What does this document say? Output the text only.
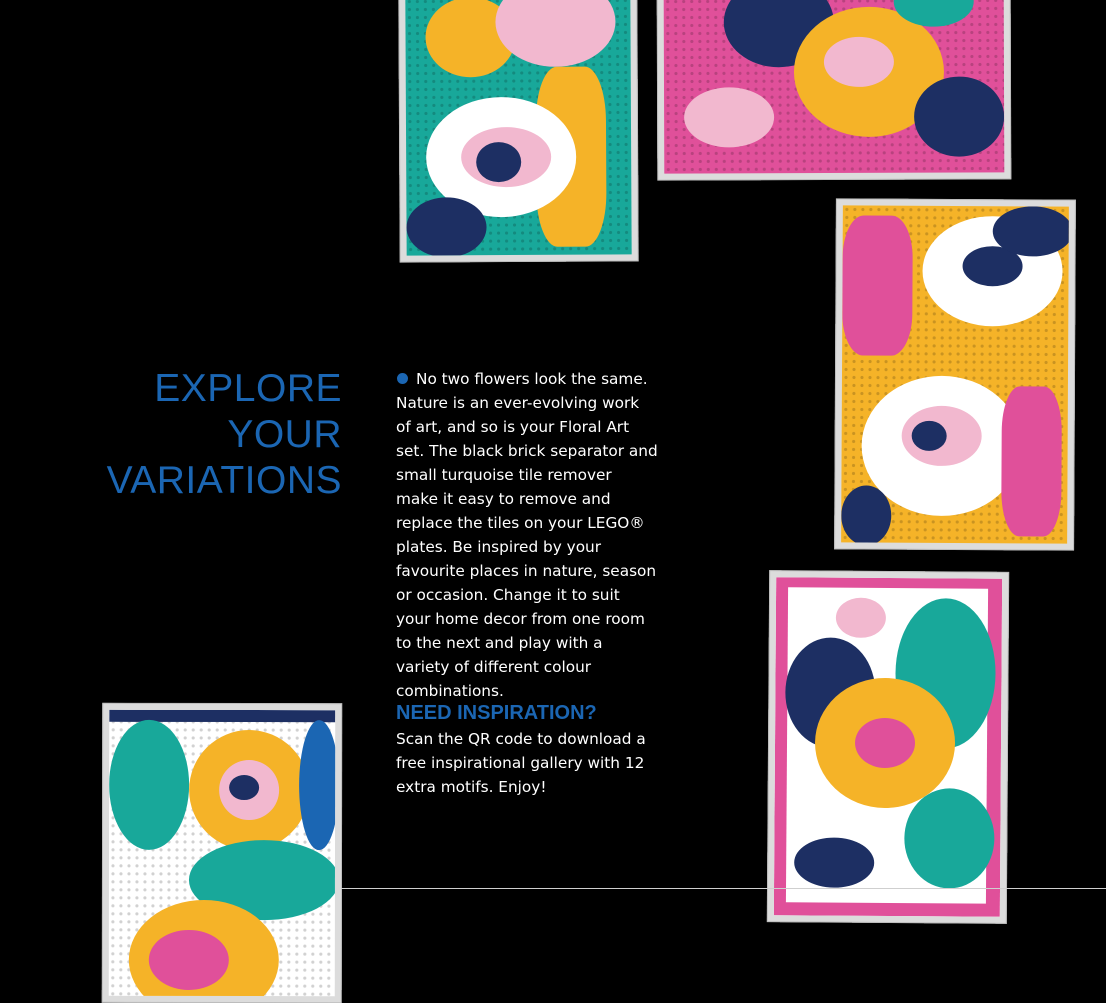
EXPLORE
YOUR
VARIATIONS
No two flowers look the same. Nature is an ever-evolving work of art, and so is your Floral Art set. The black brick separator and small turquoise tile remover make it easy to remove and replace the tiles on your LEGO® plates. Be inspired by your favourite places in nature, season or occasion. Change it to suit your home decor from one room to the next and play with a variety of different colour combinations.
NEED INSPIRATION?
Scan the QR code to download a free inspirational gallery with 12 extra motifs. Enjoy!
